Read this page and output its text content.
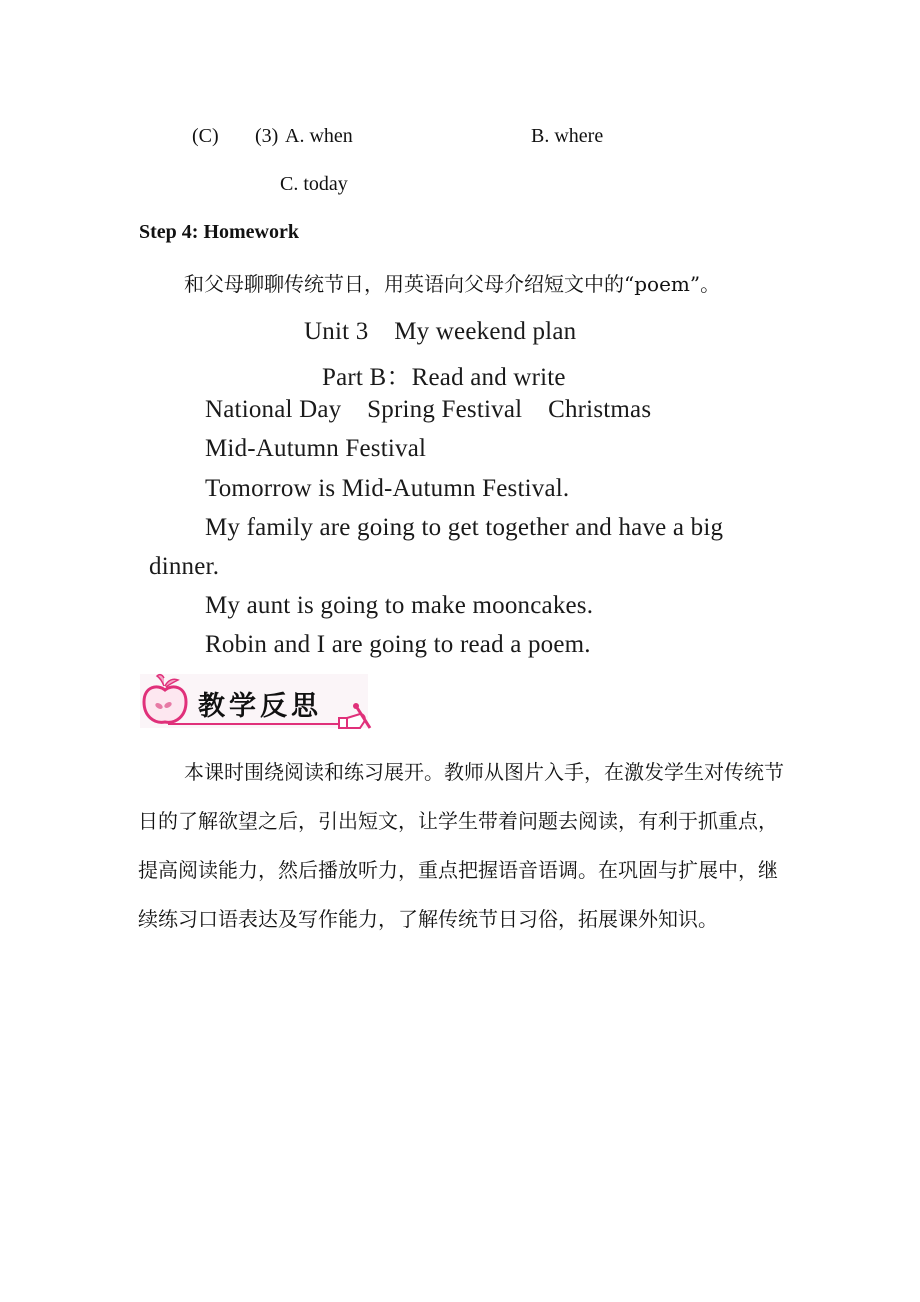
(C) (3) A. when	B. where
C. today
Step 4: Homework
和父母聊聊传统节日，用英语向父母介绍短文中的“poem”。
Unit 3    My weekend plan
Part B：Read and write
National Day    Spring Festival    Christmas
Mid-Autumn Festival
Tomorrow is Mid-Autumn Festival.
My family are going to get together and have a big
dinner.
My aunt is going to make mooncakes.
Robin and I are going to read a poem.
教学反思
本课时围绕阅读和练习展开。教师从图片入手，在激发学生对传统节日的了解欲望之后，引出短文，让学生带着问题去阅读，有利于抓重点，提高阅读能力，然后播放听力，重点把握语音语调。在巩固与扩展中，继续练习口语表达及写作能力，了解传统节日习俗，拓展课外知识。
